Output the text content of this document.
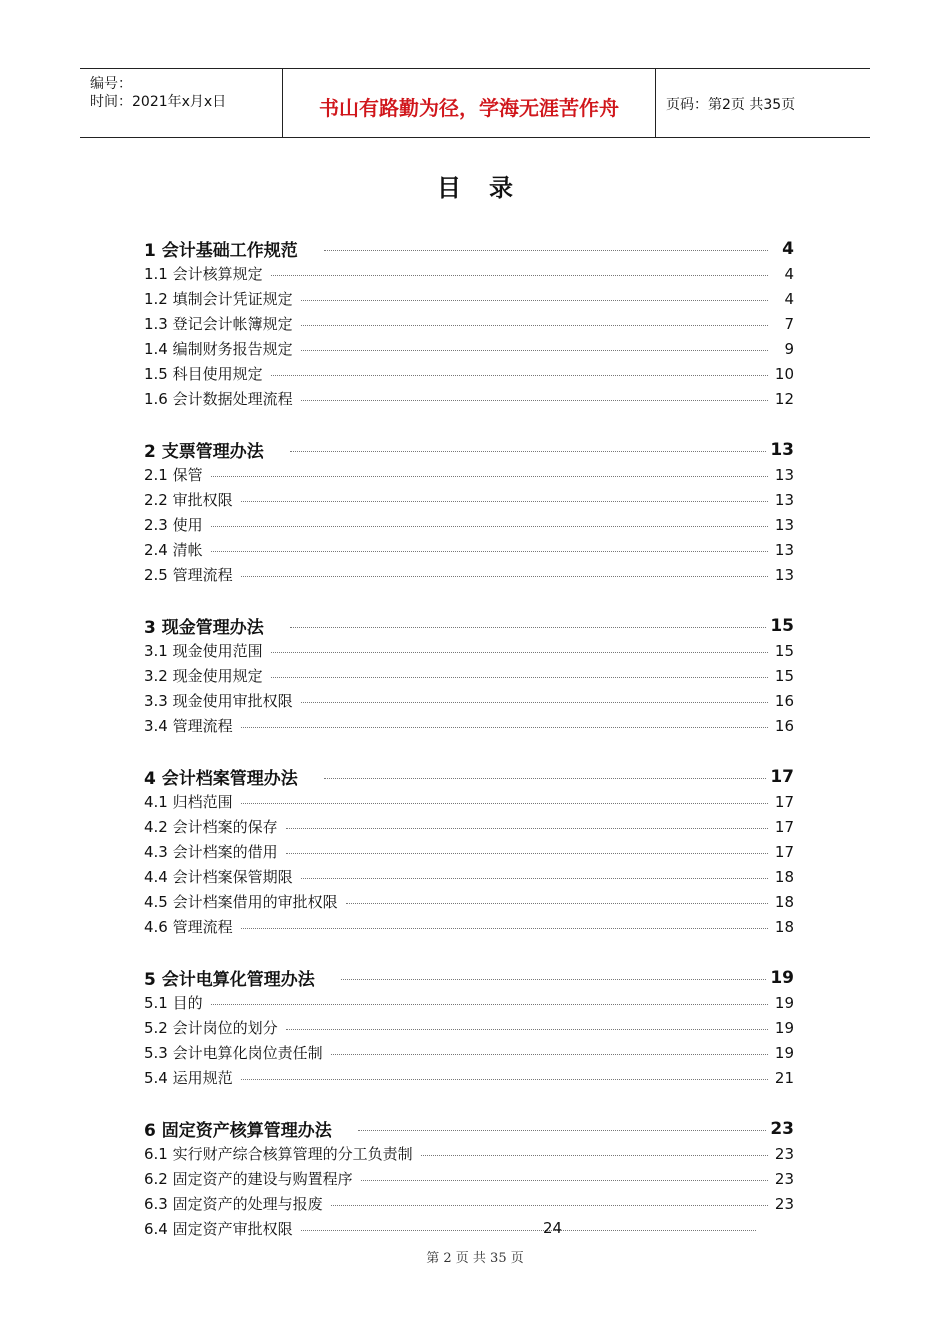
编号：
时间：2021年x月x日	书山有路勤为径，学海无涯苦作舟	页码：第2页 共35页
目录
1 会计基础工作规范	4
1.1 会计核算规定	4
1.2 填制会计凭证规定	4
1.3 登记会计帐簿规定	7
1.4 编制财务报告规定	9
1.5 科目使用规定	10
1.6 会计数据处理流程	12
2 支票管理办法	13
2.1 保管	13
2.2 审批权限	13
2.3 使用	13
2.4 清帐	13
2.5 管理流程	13
3 现金管理办法	15
3.1 现金使用范围	15
3.2 现金使用规定	15
3.3 现金使用审批权限	16
3.4 管理流程	16
4 会计档案管理办法	17
4.1 归档范围	17
4.2 会计档案的保存	17
4.3 会计档案的借用	17
4.4 会计档案保管期限	18
4.5 会计档案借用的审批权限	18
4.6 管理流程	18
5 会计电算化管理办法	19
5.1 目的	19
5.2 会计岗位的划分	19
5.3 会计电算化岗位责任制	19
5.4 运用规范	21
6 固定资产核算管理办法	23
6.1 实行财产综合核算管理的分工负责制	23
6.2 固定资产的建设与购置程序	23
6.3 固定资产的处理与报废	23
6.4 固定资产审批权限	24
第 2 页 共 35 页
